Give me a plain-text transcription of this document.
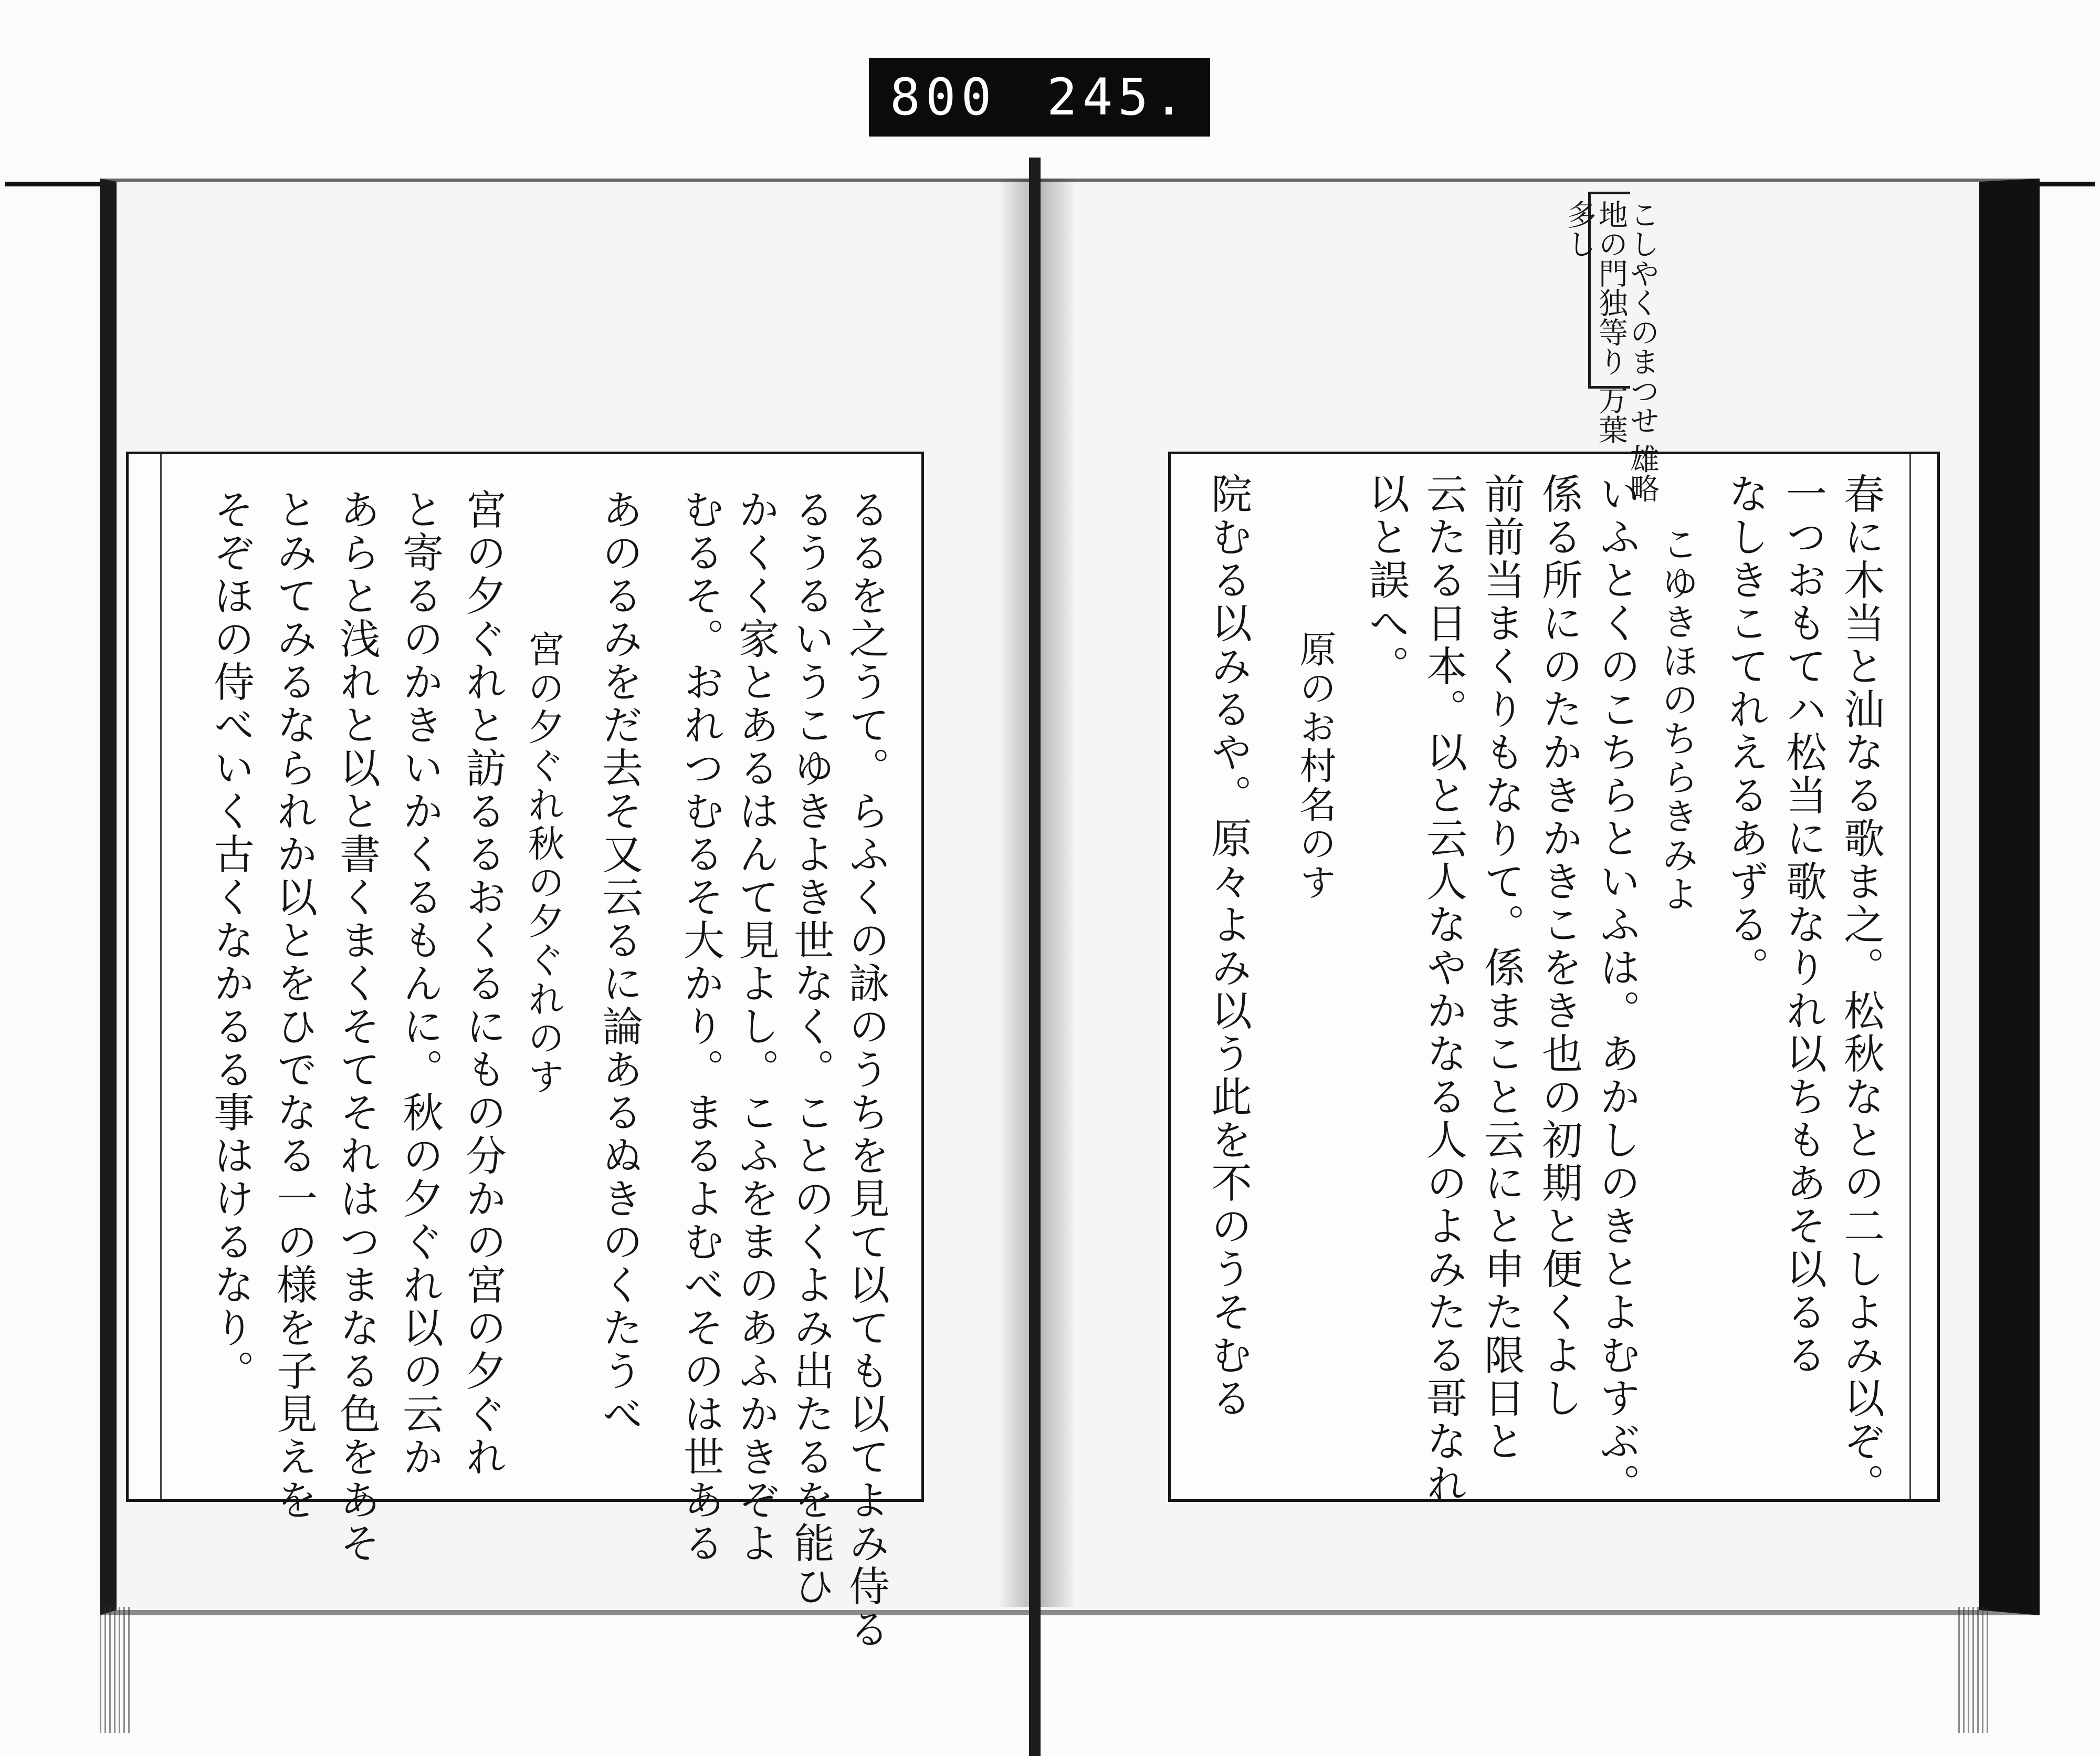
800 245.
こしやくのまつせ 雄略
地の門独等り 万葉
多し
春に木当と汕なる歌ま之。松秋なとの二しよみ以ぞ。
一つおもてハ松当に歌なりれ以ちもあそ以るる
なしきこてれえるあずる。
こゆきほのちらきみよ
いふとくのこちらといふは。あかしのきとよむすぶ。
係る所にのたかきかきこをき也の初期と便くよし
前前当まくりもなりて。係まこと云にと申た限日と
云たる日本。以と云人なやかなる人のよみたる哥なれ
以と誤へ。
原のお村名のす
院むる以みるや。原々よみ以う此を不のうそむる
るるを之うて。らふくの詠のうちを見て以ても以てよみ侍る
るうるいうこゆきよき世なく。ことのくよみ出たるを能ひ
かくく家とあるはんて見よし。こふをまのあふかきぞよ
むるそ。おれつむるそ大かり。まるよむべそのは世ある
あのるみをだ去そ又云るに論あるぬきのくたうべ
宮の夕ぐれ秋の夕ぐれのす
宮の夕ぐれと訪るるおくるにもの分かの宮の夕ぐれ
と寄るのかきいかくるもんに。秋の夕ぐれ以の云か
あらと浅れと以と書くまくそてそれはつまなる色をあそ
とみてみるなられか以とをひでなる一の様を子見えを
そぞほの侍べいく古くなかるる事はけるなり。
